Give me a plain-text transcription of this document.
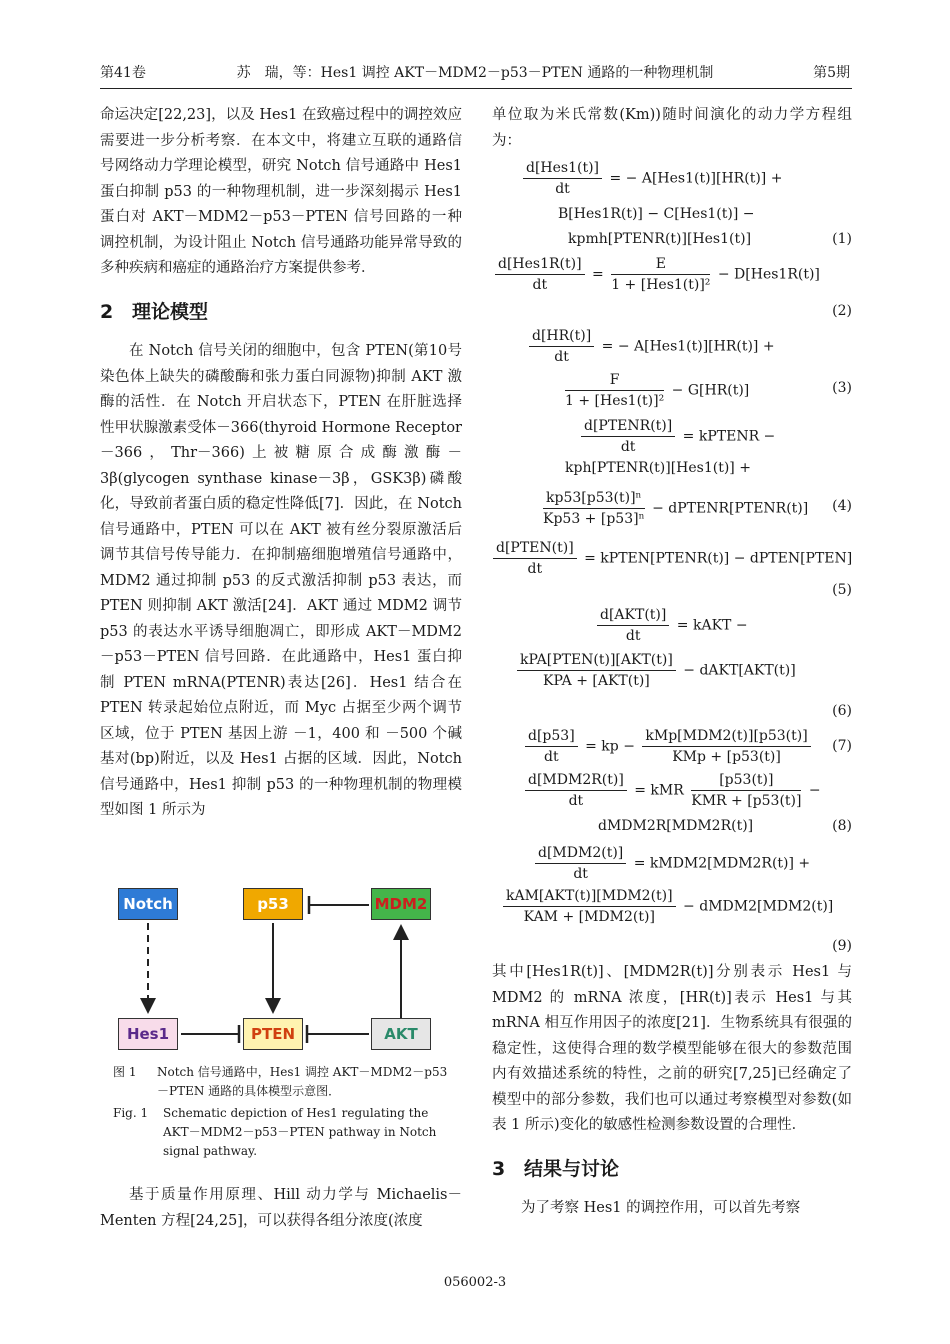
第41卷	苏　瑞，等：Hes1 调控 AKT－MDM2－p53－PTEN 通路的一种物理机制	第5期

命运决定[22,23]，以及 Hes1 在致癌过程中的调控效应需要进一步分析考察．在本文中，将建立互联的通路信号网络动力学理论模型，研究 Notch 信号通路中 Hes1 蛋白抑制 p53 的一种物理机制，进一步深刻揭示 Hes1 蛋白对 AKT－MDM2－p53－PTEN 信号回路的一种调控机制，为设计阻止 Notch 信号通路功能异常导致的多种疾病和癌症的通路治疗方案提供参考．

2 理论模型

在 Notch 信号关闭的细胞中，包含 PTEN(第10号染色体上缺失的磷酸酶和张力蛋白同源物)抑制 AKT 激酶的活性．在 Notch 开启状态下，PTEN 在肝脏选择性甲状腺激素受体－366(thyroid Hormone Receptor－366，Thr－366)上被糖原合成酶激酶－3β(glycogen synthase kinase－3β，GSK3β)磷酸化，导致前者蛋白质的稳定性降低[7]．因此，在 Notch 信号通路中，PTEN 可以在 AKT 被有丝分裂原激活后调节其信号传导能力．在抑制癌细胞增殖信号通路中，MDM2 通过抑制 p53 的反式激活抑制 p53 表达，而 PTEN 则抑制 AKT 激活[24]．AKT 通过 MDM2 调节 p53 的表达水平诱导细胞凋亡，即形成 AKT－MDM2－p53－PTEN 信号回路．在此通路中，Hes1 蛋白抑制 PTEN mRNA(PTENR)表达[26]．Hes1 结合在 PTEN 转录起始位点附近，而 Myc 占据至少两个调节区域，位于 PTEN 基因上游 －1，400 和 －500 个碱基对(bp)附近，以及 Hes1 占据的区域．因此，Notch 信号通路中，Hes1 抑制 p53 的一种物理机制的物理模型如图 1 所示为

Notch	p53	MDM2
Hes1	PTEN	AKT
图 1	Notch 信号通路中，Hes1 调控 AKT－MDM2－p53－PTEN 通路的具体模型示意图．
Fig. 1	Schematic depiction of Hes1 regulating the AKT－MDM2－p53－PTEN pathway in Notch signal pathway.

基于质量作用原理、Hill 动力学与 Michaelis－Menten 方程[24,25]，可以获得各组分浓度(浓度

单位取为米氏常数(Km))随时间演化的动力学方程组为：

$\frac{\text{d[Hes1(t)]}}{dt}$ = − A[Hes1(t)][HR(t)] +
B[Hes1R(t)] − C[Hes1(t)] −
kpmh[PTENR(t)][Hes1(t)]	(1)
$\frac{\text{d[Hes1R(t)]}}{dt} = \frac{E}{\text{1 + [Hes1(t)]²}} - D[Hes1R(t)]$
(2)
$\frac{d[HR(t)]}{dt}$ = − A[Hes1(t)][HR(t)] +
$\frac{F}{\text{1 + [Hes1(t)]²}} - G[HR(t)]$	(3)
$\frac{\text{d[PTENR(t)]}}{dt}$ = kPTENR −
kph[PTENR(t)][Hes1(t)] +
$\frac{\text{kp53[p53(t)]ⁿ}}{\text{Kp53 + [p53]ⁿ}}$ − dPTENR[PTENR(t)] (4)
$\frac{\text{d[PTEN(t)]}}{dt}$ = kPTEN[PTENR(t)] − dPTEN[PTEN]
(5)
$\frac{\text{d[AKT(t)]}}{dt}$ = kAKT −
$\frac{\text{kPA[PTEN(t)][AKT(t)]}}{\text{KPA + [AKT(t)]}}$ − dAKT[AKT(t)]
(6)
$\frac{d[p53]}{dt}$ = kp − $\frac{\text{kMp[MDM2(t)][p53(t)]}}{\text{KMp + [p53(t)]}} (7)$
$\frac{\text{d[MDM2R(t)]}}{dt}$ = kMR $\frac{[p53(t)]}{\text{KMR + [p53(t)]}}$ −
dMDM2R[MDM2R(t)]	(8)
$\frac{\text{d[MDM2(t)]}}{dt}$ = kMDM2[MDM2R(t)] +
$\frac{\text{kAM[AKT(t)][MDM2(t)]}}{\text{KAM + [MDM2(t)]}}$ − dMDM2[MDM2(t)]
(9)

其中[Hes1R(t)]、[MDM2R(t)]分别表示 Hes1 与 MDM2 的 mRNA 浓度，[HR(t)]表示 Hes1 与其 mRNA 相互作用因子的浓度[21]．生物系统具有很强的稳定性，这使得合理的数学模型能够在很大的参数范围内有效描述系统的特性，之前的研究[7,25]已经确定了模型中的部分参数，我们也可以通过考察模型对参数(如表 1 所示)变化的敏感性检测参数设置的合理性．

3 结果与讨论

为了考察 Hes1 的调控作用，可以首先考察

056002-3
